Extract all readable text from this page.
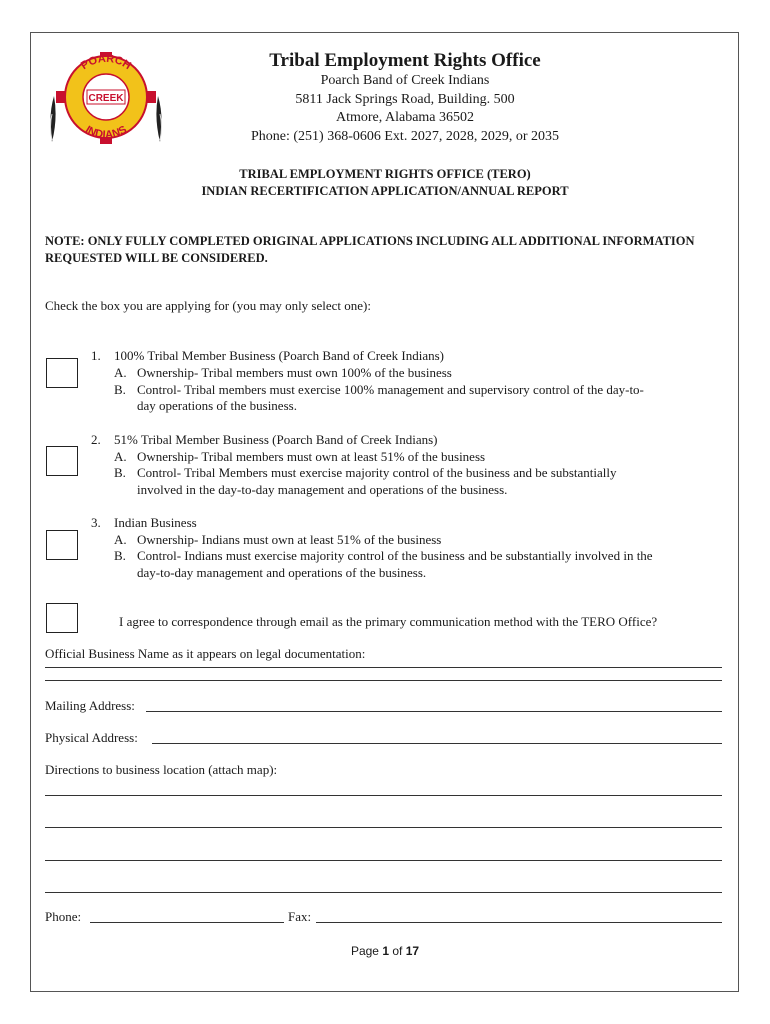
CREEK
POARCH
INDIANS
Tribal Employment Rights Office
Poarch Band of Creek Indians
5811 Jack Springs Road, Building. 500
Atmore, Alabama 36502
Phone: (251) 368-0606 Ext. 2027, 2028, 2029, or 2035
TRIBAL EMPLOYMENT RIGHTS OFFICE (TERO)
INDIAN RECERTIFICATION APPLICATION/ANNUAL REPORT
NOTE: ONLY FULLY COMPLETED ORIGINAL APPLICATIONS INCLUDING ALL ADDITIONAL INFORMATION REQUESTED WILL BE CONSIDERED.
Check the box you are applying for (you may only select one):
1. 100% Tribal Member Business (Poarch Band of Creek Indians)
A. Ownership- Tribal members must own 100% of the business
B. Control- Tribal members must exercise 100% management and supervisory control of the day-to-
day operations of the business.
2. 51% Tribal Member Business (Poarch Band of Creek Indians)
A. Ownership- Tribal members must own at least 51% of the business
B. Control- Tribal Members must exercise majority control of the business and be substantially
involved in the day-to-day management and operations of the business.
3. Indian Business
A. Ownership- Indians must own at least 51% of the business
B. Control- Indians must exercise majority control of the business and be substantially involved in the
day-to-day management and operations of the business.
I agree to correspondence through email as the primary communication method with the TERO Office?
Official Business Name as it appears on legal documentation:
Mailing Address:
Physical Address:
Directions to business location (attach map):
Phone:	Fax:
Page 1 of 17
